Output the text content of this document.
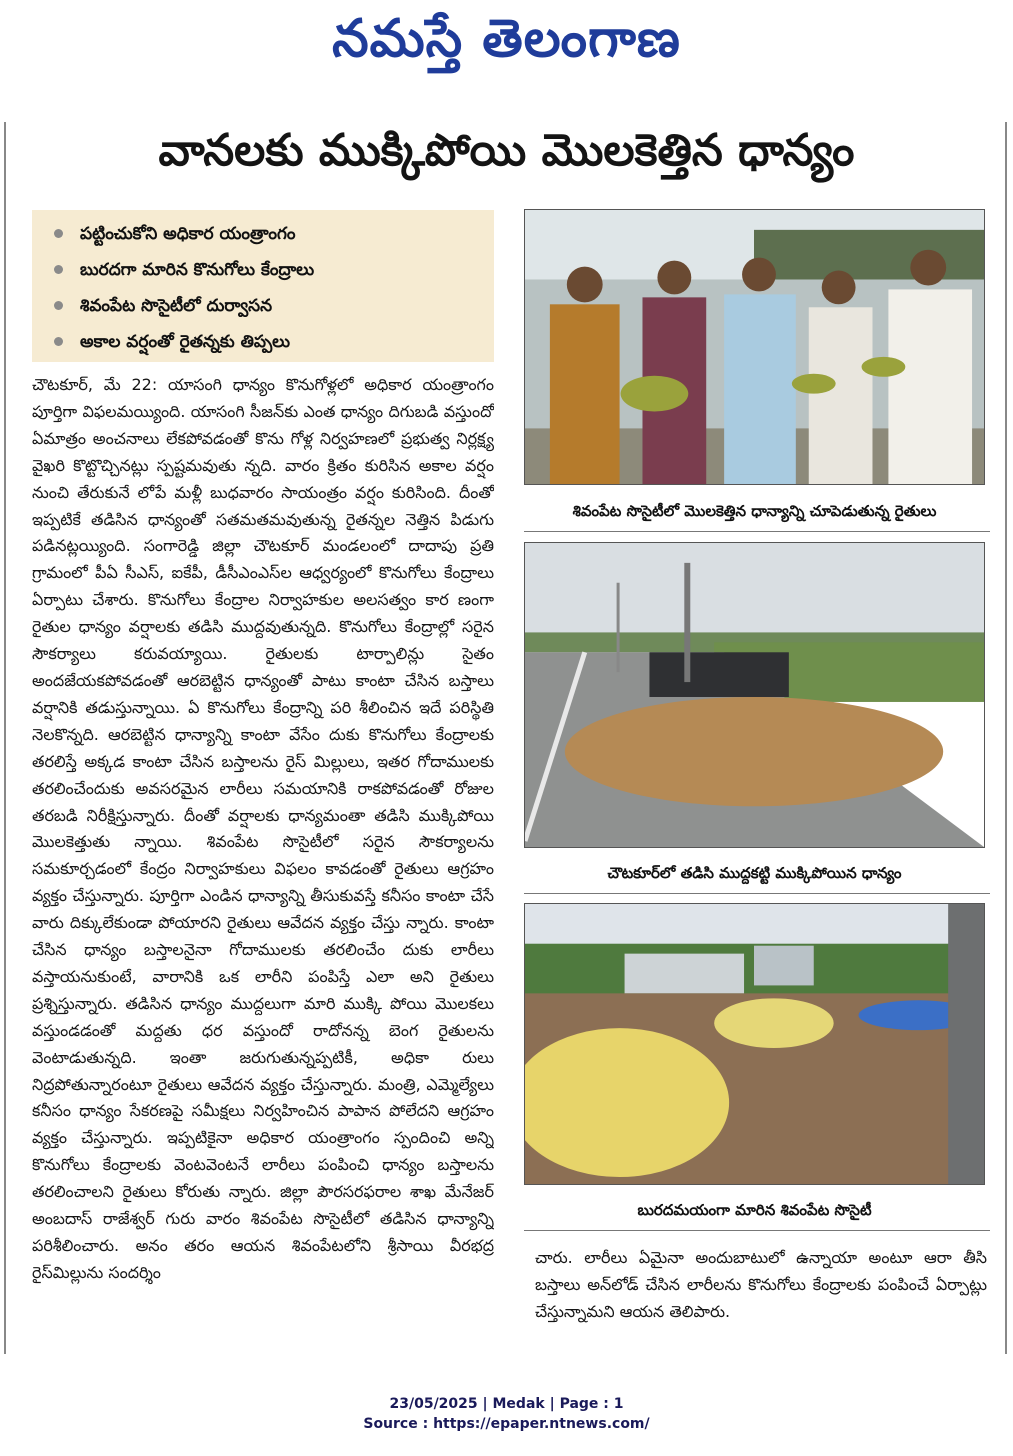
నమస్తే తెలంగాణ
వానలకు ముక్కిపోయి మొలకెత్తిన ధాన్యం
పట్టించుకోని అధికార యంత్రాంగం
బురదగా మారిన కొనుగోలు కేంద్రాలు
శివంపేట సొసైటీలో దుర్వాసన
అకాల వర్షంతో రైతన్నకు తిప్పలు
చౌటకూర్, మే 22: యాసంగి ధాన్యం కొనుగోళ్లలో అధికార యంత్రాంగం పూర్తిగా విఫలమయ్యింది. యాసంగి సీజన్‌కు ఎంత ధాన్యం దిగుబడి వస్తుందో ఏమాత్రం అంచనాలు లేకపోవడంతో కొను గోళ్ల నిర్వహణలో ప్రభుత్వ నిర్లక్ష్య వైఖరి కొట్టొచ్చినట్లు స్పష్టమవుతు న్నది. వారం క్రితం కురిసిన అకాల వర్షం నుంచి తేరుకునే లోపే మళ్లీ బుధవారం సాయంత్రం వర్షం కురిసింది. దీంతో ఇప్పటికే తడిసిన ధాన్యంతో సతమతమవుతున్న రైతన్నల నెత్తిన పిడుగు పడినట్లయ్యింది. సంగారెడ్డి జిల్లా చౌటకూర్ మండలంలో దాదాపు ప్రతి గ్రామంలో పీఏ సీఎస్, ఐకేపీ, డీసీఎంఎస్‌ల ఆధ్వర్యంలో కొనుగోలు కేంద్రాలు ఏర్పాటు చేశారు. కొనుగోలు కేంద్రాల నిర్వాహకుల అలసత్వం కార ణంగా రైతుల ధాన్యం వర్షాలకు తడిసి ముద్దవుతున్నది. కొనుగోలు కేంద్రాల్లో సరైన సౌకర్యాలు కరువయ్యాయి. రైతులకు టార్పాలిన్లు సైతం అందజేయకపోవడంతో ఆరబెట్టిన ధాన్యంతో పాటు కాంటా చేసిన బస్తాలు వర్షానికి తడుస్తున్నాయి. ఏ కొనుగోలు కేంద్రాన్ని పరి శీలించిన ఇదే పరిస్థితి నెలకొన్నది. ఆరబెట్టిన ధాన్యాన్ని కాంటా వేసేం దుకు కొనుగోలు కేంద్రాలకు తరలిస్తే అక్కడ కాంటా చేసిన బస్తాలను రైస్ మిల్లులు, ఇతర గోదాములకు తరలించేందుకు అవసరమైన లారీలు సమయానికి రాకపోవడంతో రోజుల తరబడి నిరీక్షిస్తున్నారు. దీంతో వర్షాలకు ధాన్యమంతా తడిసి ముక్కిపోయి మొలకెత్తుతు న్నాయి. శివంపేట సొసైటీలో సరైన సౌకర్యాలను సమకూర్చడంలో కేంద్రం నిర్వాహకులు విఫలం కావడంతో రైతులు ఆగ్రహం వ్యక్తం చేస్తున్నారు. పూర్తిగా ఎండిన ధాన్యాన్ని తీసుకువస్తే కనీసం కాంటా చేసే వారు దిక్కులేకుండా పోయారని రైతులు ఆవేదన వ్యక్తం చేస్తు న్నారు. కాంటా చేసిన ధాన్యం బస్తాలనైనా గోదాములకు తరలించేం దుకు లారీలు వస్తాయనుకుంటే, వారానికి ఒక లారీని పంపిస్తే ఎలా అని రైతులు ప్రశ్నిస్తున్నారు. తడిసిన ధాన్యం ముద్దలుగా మారి ముక్కి పోయి మొలకలు వస్తుండడంతో మద్దతు ధర వస్తుందో రాదోనన్న బెంగ రైతులను వెంటాడుతున్నది. ఇంతా జరుగుతున్నప్పటికీ, అధికా రులు నిద్రపోతున్నారంటూ రైతులు ఆవేదన వ్యక్తం చేస్తున్నారు. మంత్రి, ఎమ్మెల్యేలు కనీసం ధాన్యం సేకరణపై సమీక్షలు నిర్వహించిన పాపాన పోలేదని ఆగ్రహం వ్యక్తం చేస్తున్నారు. ఇప్పటికైనా అధికార యంత్రాంగం స్పందించి అన్ని కొనుగోలు కేంద్రాలకు వెంటవెంటనే లారీలు పంపించి ధాన్యం బస్తాలను తరలించాలని రైతులు కోరుతు న్నారు. జిల్లా పౌరసరఫరాల శాఖ మేనేజర్ అంబదాస్ రాజేశ్వర్ గురు వారం శివంపేట సొసైటీలో తడిసిన ధాన్యాన్ని పరిశీలించారు. అనం తరం ఆయన శివంపేటలోని శ్రీసాయి వీరభద్ర రైస్‌మిల్లును సందర్శిం
శివంపేట సొసైటీలో మొలకెత్తిన ధాన్యాన్ని చూపెడుతున్న రైతులు
చౌటకూర్‌లో తడిసి ముద్దకట్టి ముక్కిపోయిన ధాన్యం
బురదమయంగా మారిన శివంపేట సొసైటీ
చారు. లారీలు ఏమైనా అందుబాటులో ఉన్నాయా అంటూ ఆరా తీసి బస్తాలు అన్‌లోడ్ చేసిన లారీలను కొనుగోలు కేంద్రాలకు పంపించే ఏర్పాట్లు చేస్తున్నామని ఆయన తెలిపారు.
23/05/2025 | Medak | Page : 1
Source : https://epaper.ntnews.com/
